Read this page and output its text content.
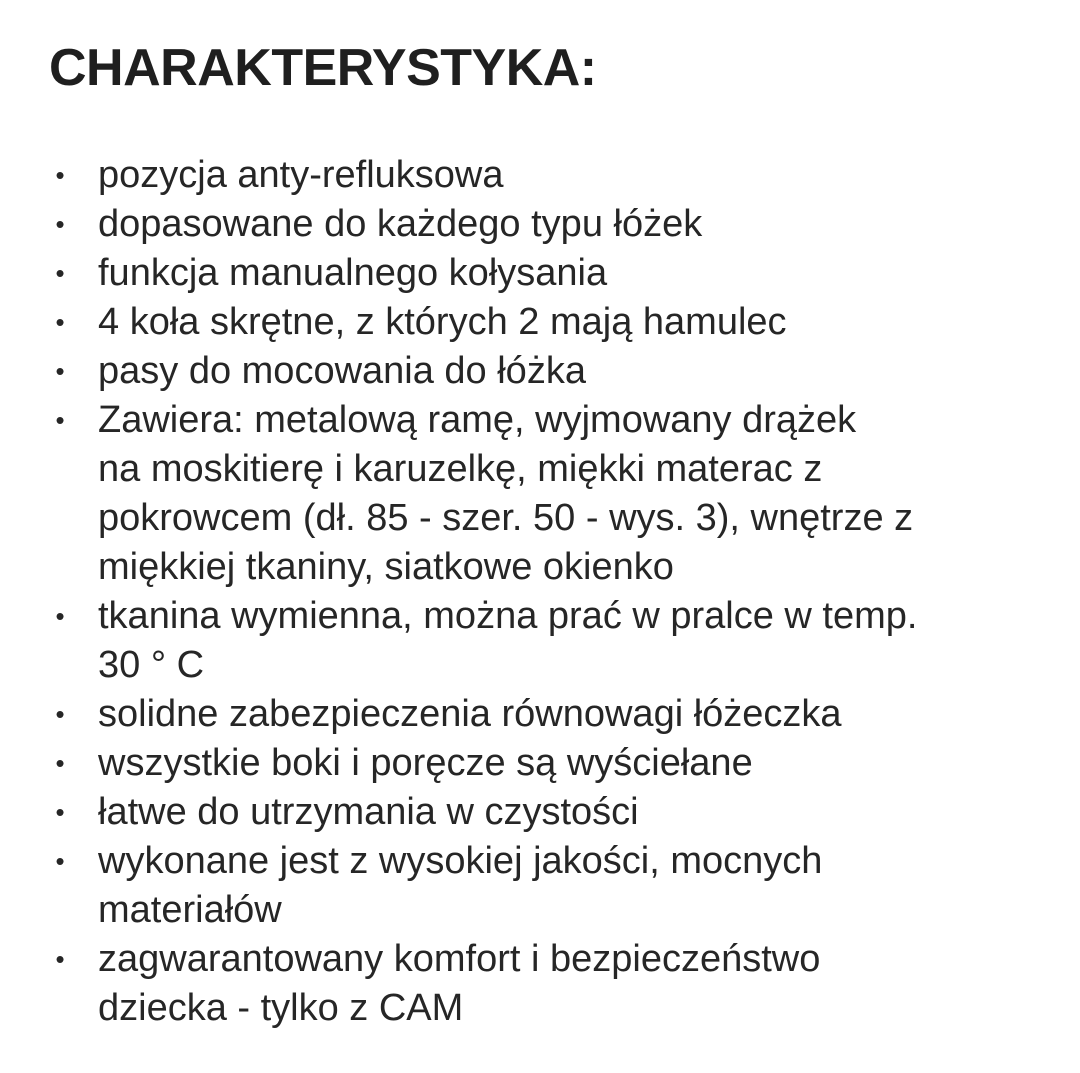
CHARAKTERYSTYKA:
• pozycja anty-refluksowa
• dopasowane do każdego typu łóżek
• funkcja manualnego kołysania
• 4 koła skrętne, z których 2 mają hamulec
• pasy do mocowania do łóżka
• Zawiera: metalową ramę, wyjmowany drążek
na moskitierę i karuzelkę, miękki materac z
pokrowcem (dł. 85 - szer. 50 - wys. 3), wnętrze z
miękkiej tkaniny, siatkowe okienko
• tkanina wymienna, można prać w pralce w temp.
30 ° C
• solidne zabezpieczenia równowagi łóżeczka
• wszystkie boki i poręcze są wyściełane
• łatwe do utrzymania w czystości
• wykonane jest z wysokiej jakości, mocnych
materiałów
• zagwarantowany komfort i bezpieczeństwo
dziecka - tylko z CAM
